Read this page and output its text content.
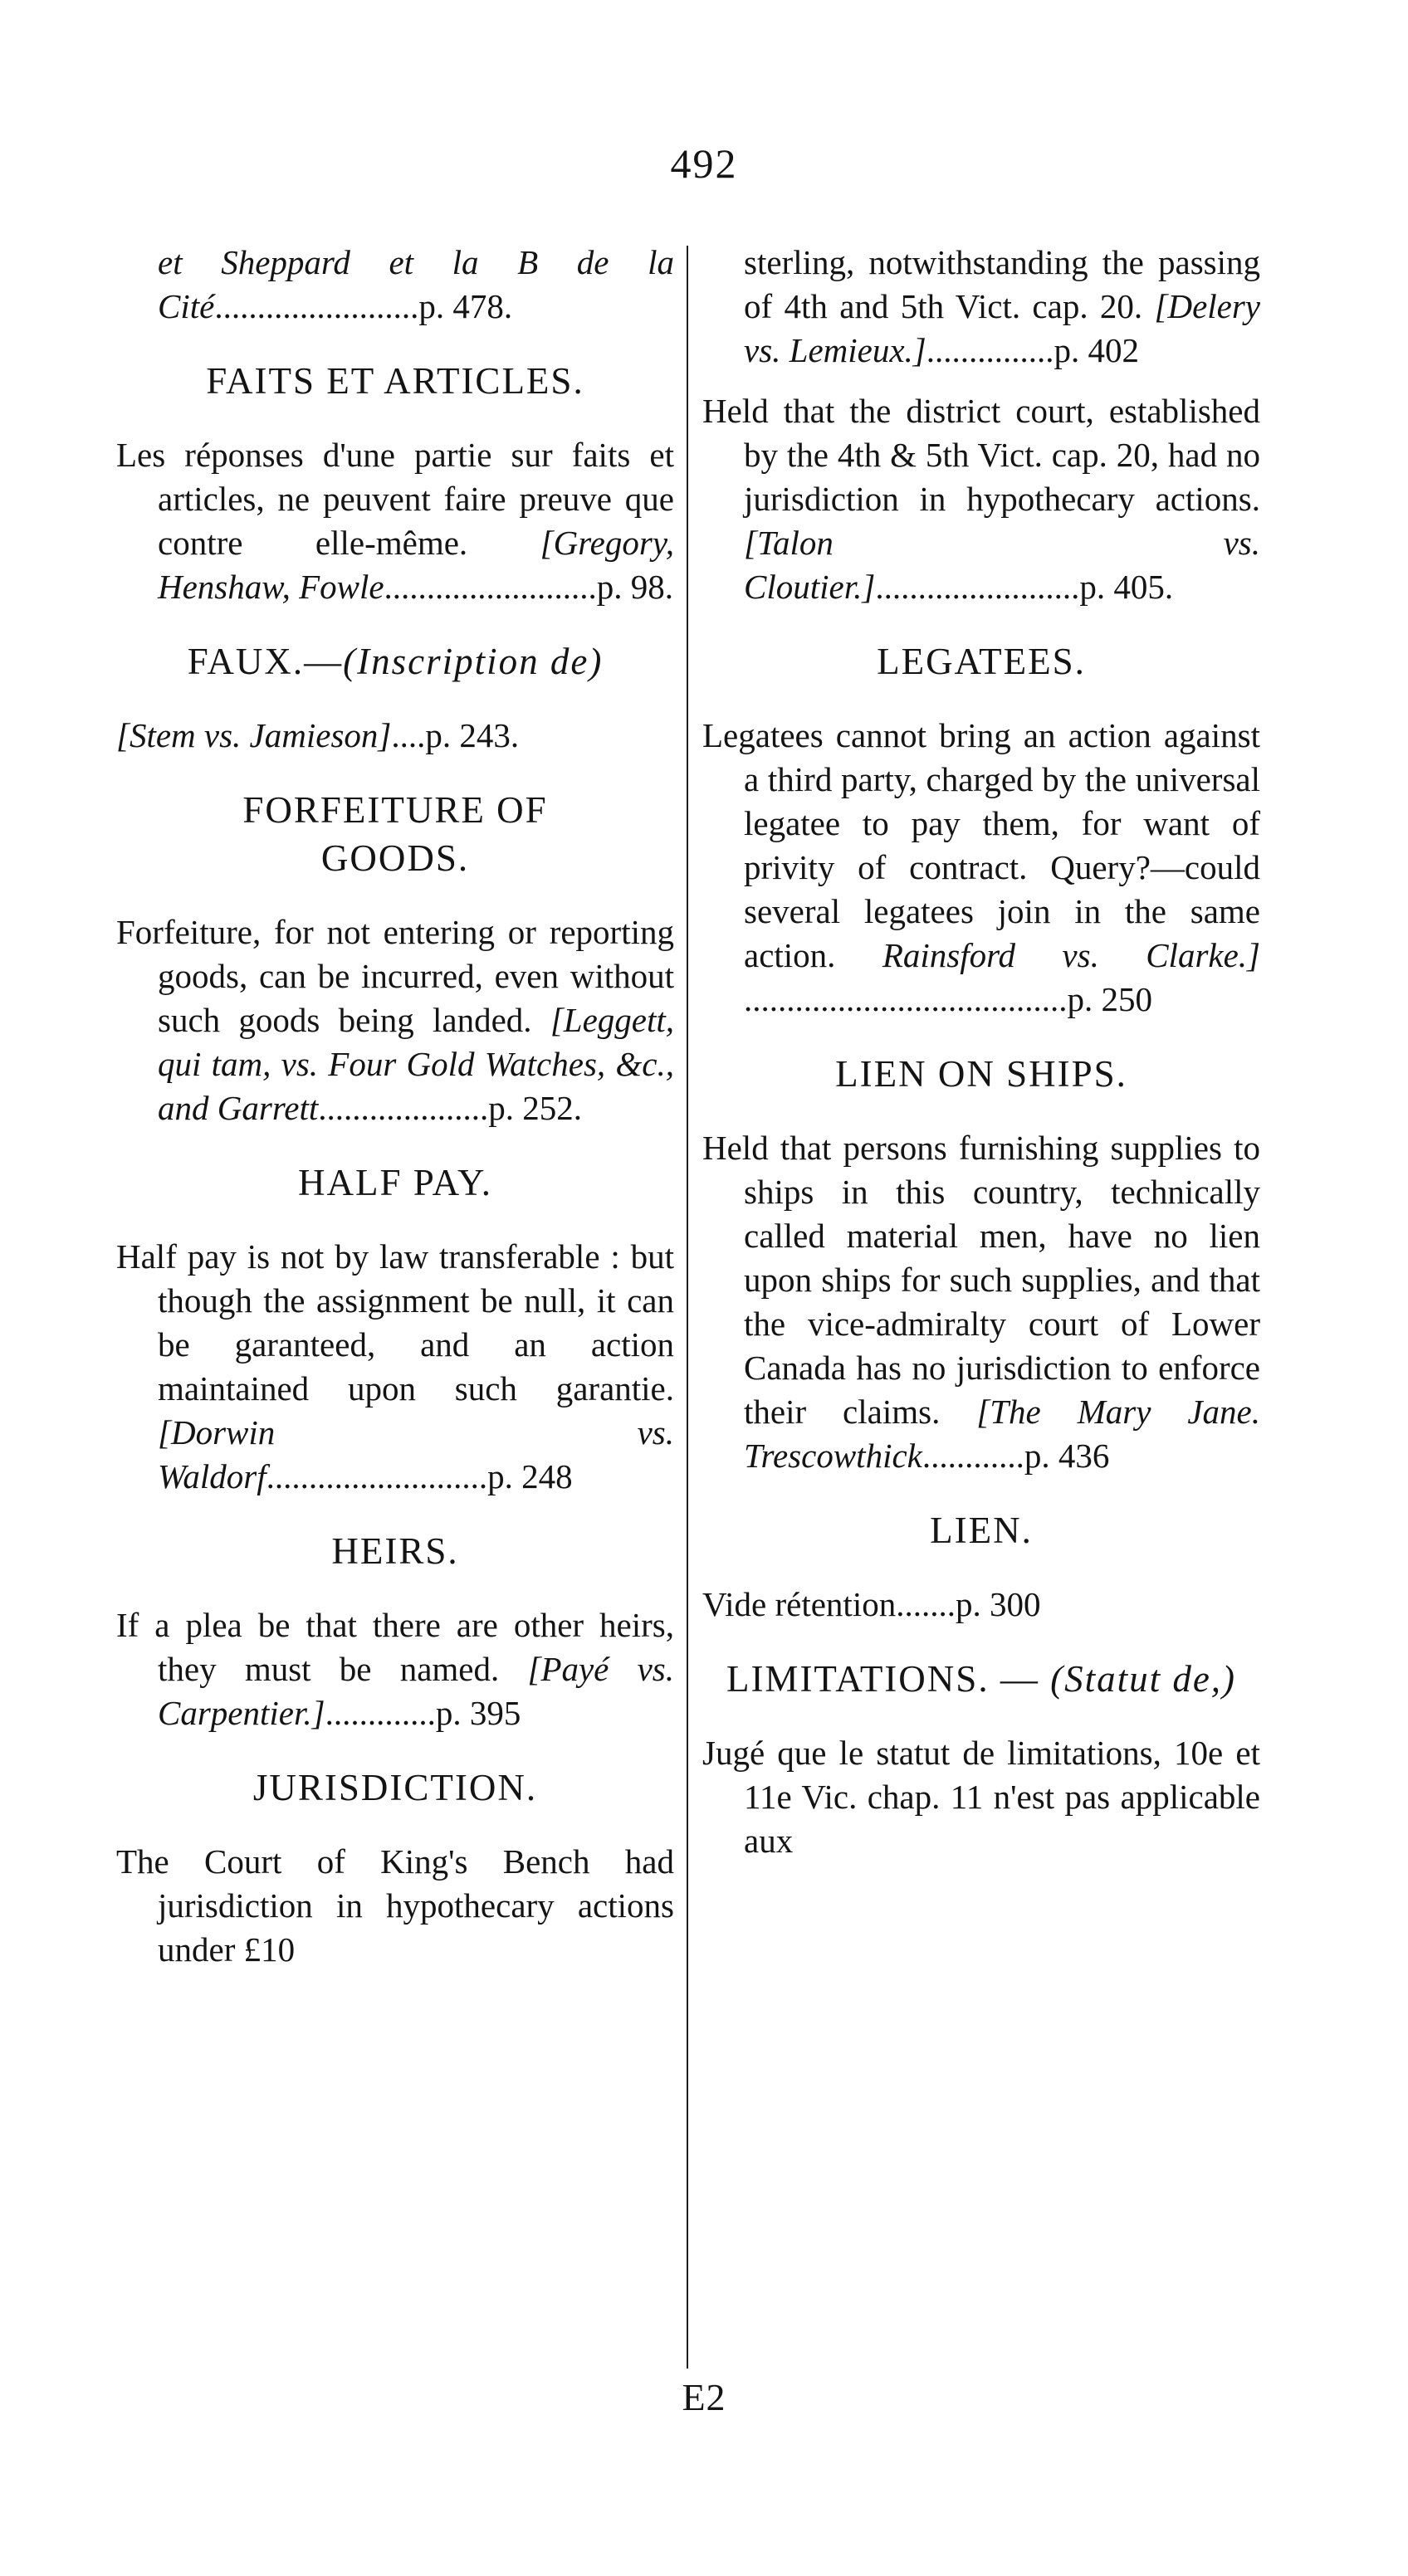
492

et Sheppard et la B de la Cité........................p. 478.

FAITS ET ARTICLES.

Les réponses d'une partie sur faits et articles, ne peuvent faire preuve que contre elle-même. [Gregory, Henshaw, Fowle.........................p. 98.

FAUX.—(Inscription de)

[Stem vs. Jamieson]....p. 243.

FORFEITURE OF
GOODS.

Forfeiture, for not entering or reporting goods, can be incurred, even without such goods being landed. [Leggett, qui tam, vs. Four Gold Watches, &c., and Garrett....................p. 252.

HALF PAY.

Half pay is not by law transferable : but though the assignment be null, it can be garanteed, and an action maintained upon such garantie. [Dorwin vs. Waldorf..........................p. 248

HEIRS.

If a plea be that there are other heirs, they must be named. [Payé vs. Carpentier.].............p. 395

JURISDICTION.

The Court of King's Bench had jurisdiction in hypothecary actions under £10

sterling, notwithstanding the passing of 4th and 5th Vict. cap. 20. [Delery vs. Lemieux.]...............p. 402

Held that the district court, established by the 4th & 5th Vict. cap. 20, had no jurisdiction in hypothecary actions. [Talon vs. Cloutier.]........................p. 405.

LEGATEES.

Legatees cannot bring an action against a third party, charged by the universal legatee to pay them, for want of privity of contract. Query?—could several legatees join in the same action. Rainsford vs. Clarke.] ......................................p. 250

LIEN ON SHIPS.

Held that persons furnishing supplies to ships in this country, technically called material men, have no lien upon ships for such supplies, and that the vice-admiralty court of Lower Canada has no jurisdiction to enforce their claims. [The Mary Jane. Trescowthick............p. 436

LIEN.

Vide rétention.......p. 300

LIMITATIONS. — (Statut de,)

Jugé que le statut de limitations, 10e et 11e Vic. chap. 11 n'est pas applicable aux

E2
